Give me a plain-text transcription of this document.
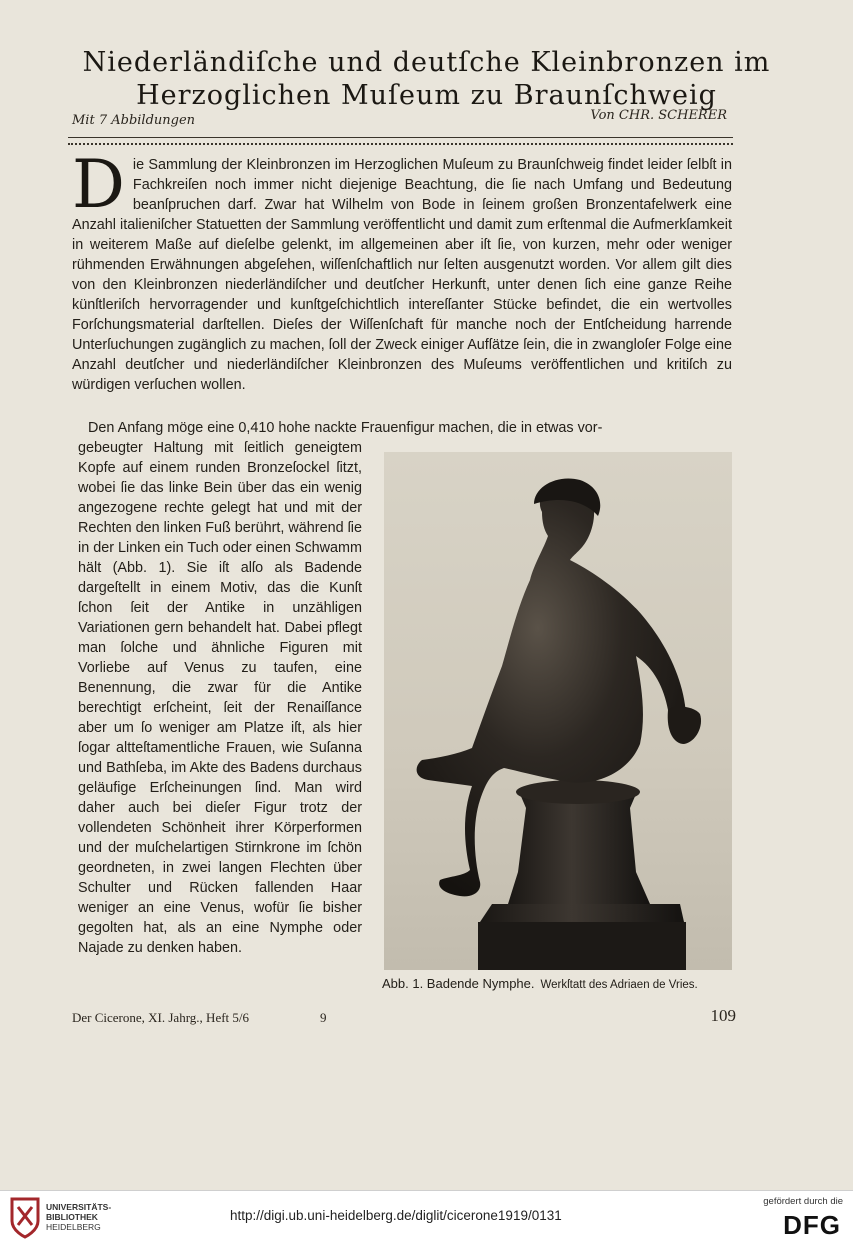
Niederländiſche und deutſche Kleinbronzen im
Herzoglichen Muſeum zu Braunſchweig
Mit 7 Abbildungen	Von CHR. SCHERER
Die Sammlung der Kleinbronzen im Herzoglichen Muſeum zu Braunſchweig findet leider ſelbſt in Fachkreiſen noch immer nicht diejenige Beachtung, die ſie nach Umfang und Bedeutung beanſpruchen darf. Zwar hat Wilhelm von Bode in ſeinem großen Bronzentafelwerk eine Anzahl italieniſcher Statuetten der Sammlung veröffentlicht und damit zum erſtenmal die Aufmerkſamkeit in weiterem Maße auf dieſelbe gelenkt, im allgemeinen aber iſt ſie, von kurzen, mehr oder weniger rühmenden Erwähnungen abgeſehen, wiſſenſchaftlich nur ſelten ausgenutzt worden. Vor allem gilt dies von den Kleinbronzen niederländiſcher und deutſcher Herkunft, unter denen ſich eine ganze Reihe künſtleriſch hervorragender und kunſtgeſchichtlich intereſſanter Stücke befindet, die ein wertvolles Forſchungsmaterial darſtellen. Dieſes der Wiſſenſchaft für manche noch der Entſcheidung harrende Unterſuchungen zugänglich zu machen, ſoll der Zweck einiger Aufſätze ſein, die in zwangloſer Folge eine Anzahl deutſcher und niederländiſcher Kleinbronzen des Muſeums veröffentlichen und kritiſch zu würdigen verſuchen wollen.
Den Anfang möge eine 0,410 hohe nackte Frauenfigur machen, die in etwas vor-
gebeugter Haltung mit ſeitlich geneigtem Kopfe auf einem runden Bronzeſockel ſitzt, wobei ſie das linke Bein über das ein wenig angezogene rechte gelegt hat und mit der Rechten den linken Fuß berührt, während ſie in der Linken ein Tuch oder einen Schwamm hält (Abb. 1). Sie iſt alſo als Badende dargeſtellt in einem Motiv, das die Kunſt ſchon ſeit der Antike in unzähligen Variationen gern behandelt hat. Dabei pflegt man ſolche und ähnliche Figuren mit Vorliebe auf Venus zu taufen, eine Benennung, die zwar für die Antike berechtigt erſcheint, ſeit der Renaiſſance aber um ſo weniger am Platze iſt, als hier ſogar altteſtamentliche Frauen, wie Suſanna und Bathſeba, im Akte des Badens durchaus geläufige Erſcheinungen ſind. Man wird daher auch bei dieſer Figur trotz der vollendeten Schönheit ihrer Körperformen und der muſchelartigen Stirnkrone im ſchön geordneten, in zwei langen Flechten über Schulter und Rücken fallenden Haar weniger an eine Venus, wofür ſie bisher gegolten hat, als an eine Nymphe oder Najade zu denken haben.
Abb. 1. Badende Nymphe. Werkſtatt des Adriaen de Vries.
Der Cicerone, XI. Jahrg., Heft 5/6	9	109
UNIVERSITÄTS-
BIBLIOTHEK
HEIDELBERG
http://digi.ub.uni-heidelberg.de/diglit/cicerone1919/0131
gefördert durch die
DFG
